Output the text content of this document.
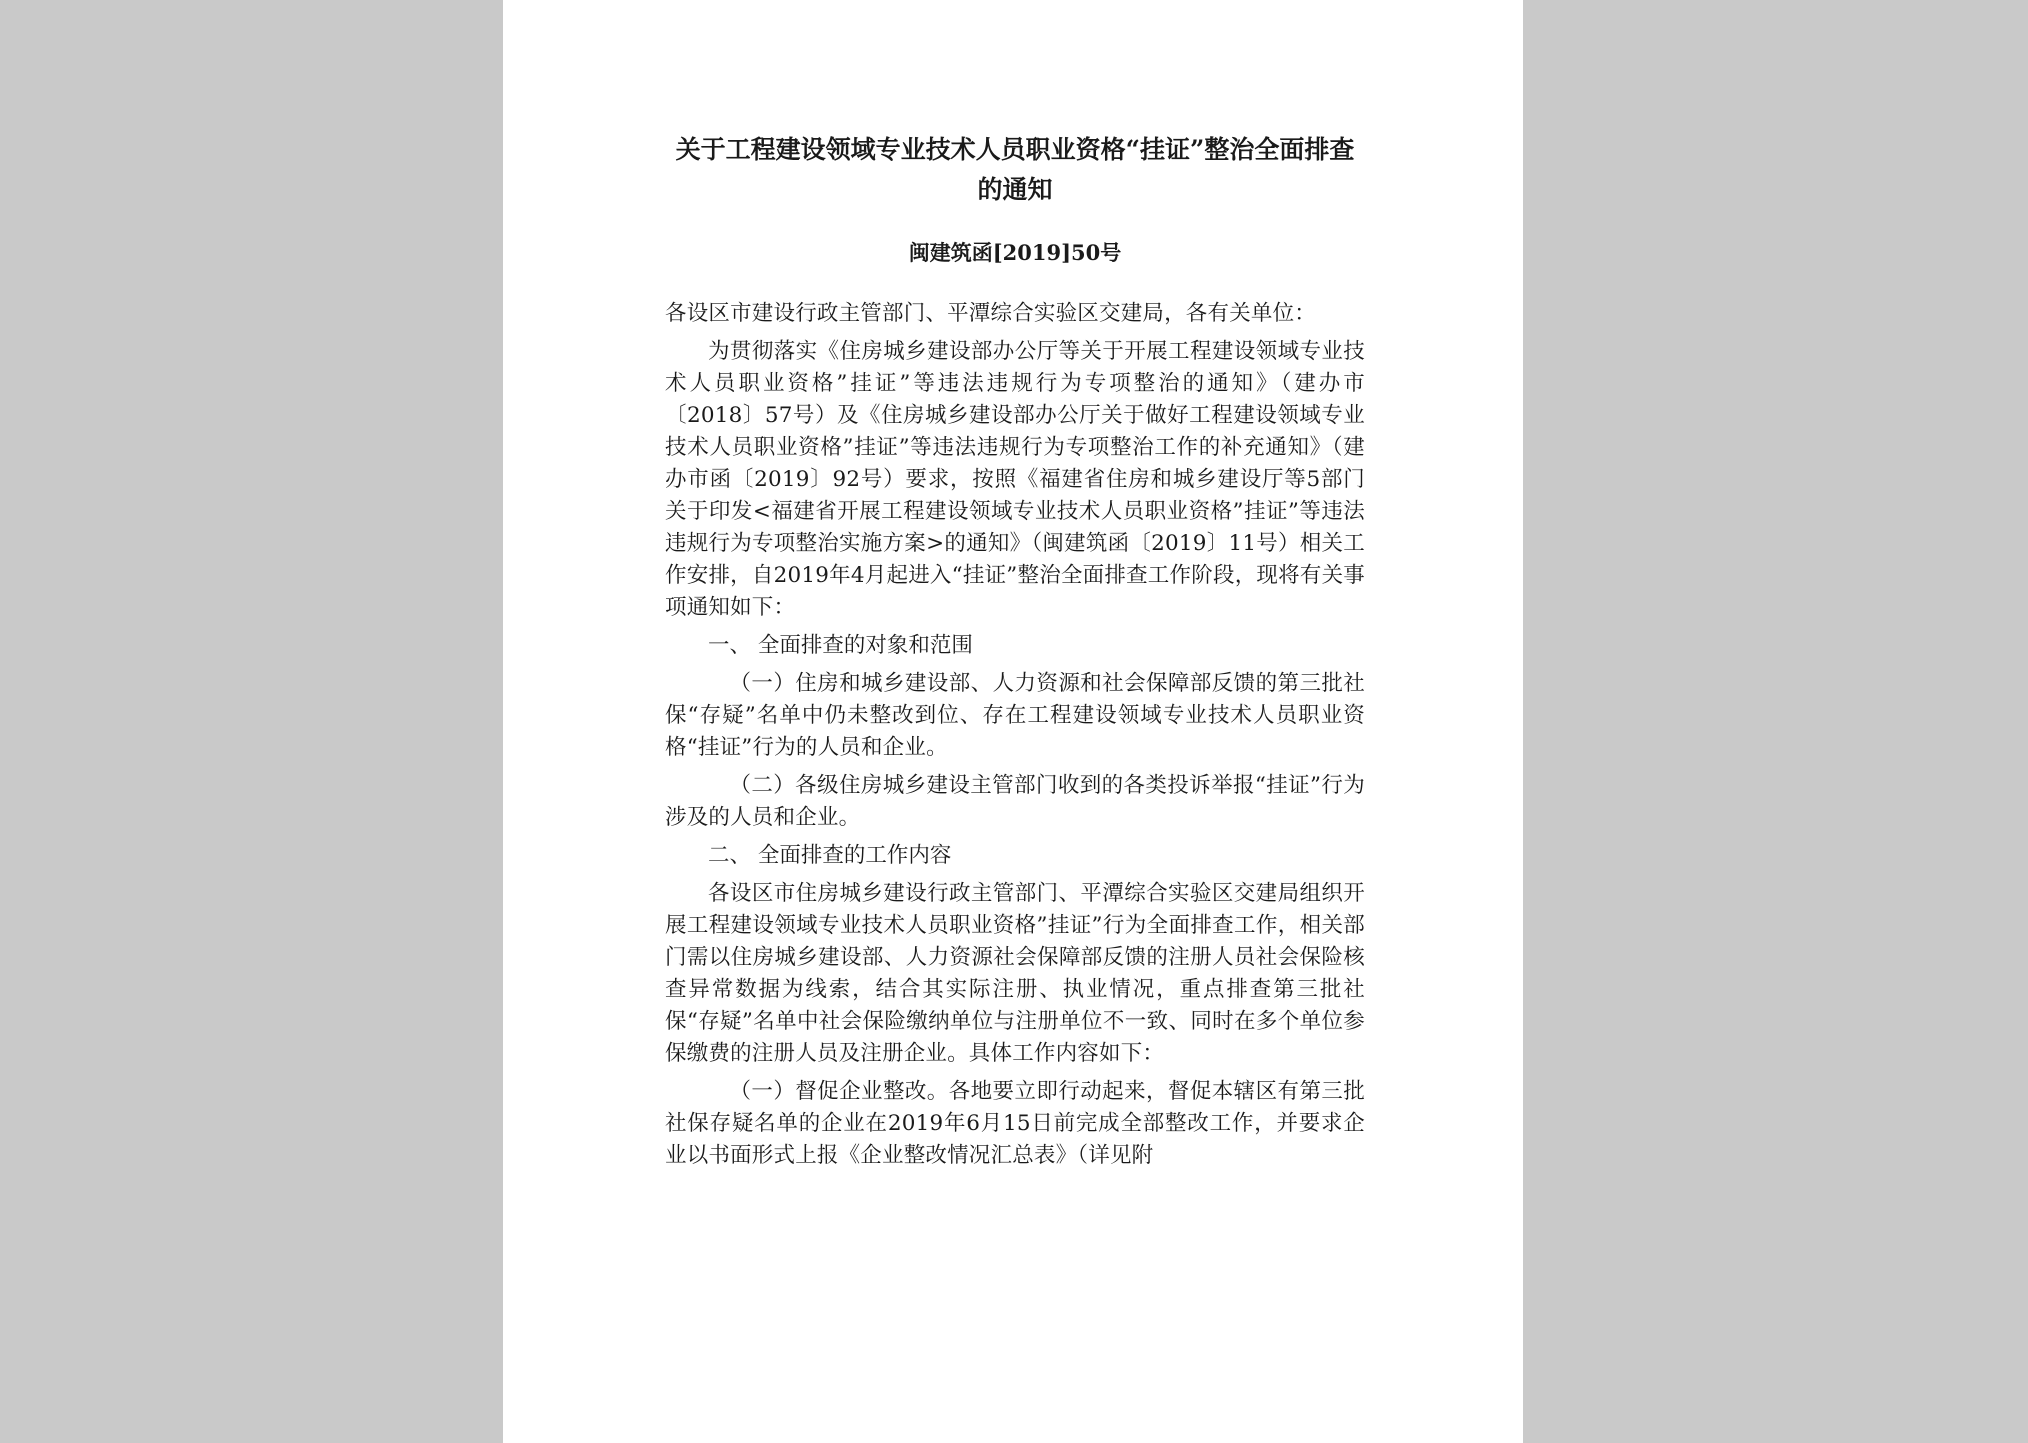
关于工程建设领域专业技术人员职业资格“挂证”整治全面排查的通知
闽建筑函[2019]50号

各设区市建设行政主管部门、平潭综合实验区交建局，各有关单位：

为贯彻落实《住房城乡建设部办公厅等关于开展工程建设领域专业技术人员职业资格”挂证”等违法违规行为专项整治的通知》（建办市〔2018〕57号）及《住房城乡建设部办公厅关于做好工程建设领域专业技术人员职业资格”挂证”等违法违规行为专项整治工作的补充通知》（建办市函〔2019〕92号）要求，按照《福建省住房和城乡建设厅等5部门关于印发<福建省开展工程建设领域专业技术人员职业资格”挂证”等违法违规行为专项整治实施方案>的通知》（闽建筑函〔2019〕11号）相关工作安排，自2019年4月起进入“挂证”整治全面排查工作阶段，现将有关事项通知如下：

一、 全面排查的对象和范围

（一）住房和城乡建设部、人力资源和社会保障部反馈的第三批社保“存疑”名单中仍未整改到位、存在工程建设领域专业技术人员职业资格“挂证”行为的人员和企业。

（二）各级住房城乡建设主管部门收到的各类投诉举报“挂证”行为涉及的人员和企业。

二、 全面排查的工作内容

各设区市住房城乡建设行政主管部门、平潭综合实验区交建局组织开展工程建设领域专业技术人员职业资格”挂证”行为全面排查工作，相关部门需以住房城乡建设部、人力资源社会保障部反馈的注册人员社会保险核查异常数据为线索，结合其实际注册、执业情况，重点排查第三批社保“存疑”名单中社会保险缴纳单位与注册单位不一致、同时在多个单位参保缴费的注册人员及注册企业。具体工作内容如下：

（一）督促企业整改。各地要立即行动起来，督促本辖区有第三批社保存疑名单的企业在2019年6月15日前完成全部整改工作，并要求企业以书面形式上报《企业整改情况汇总表》（详见附
